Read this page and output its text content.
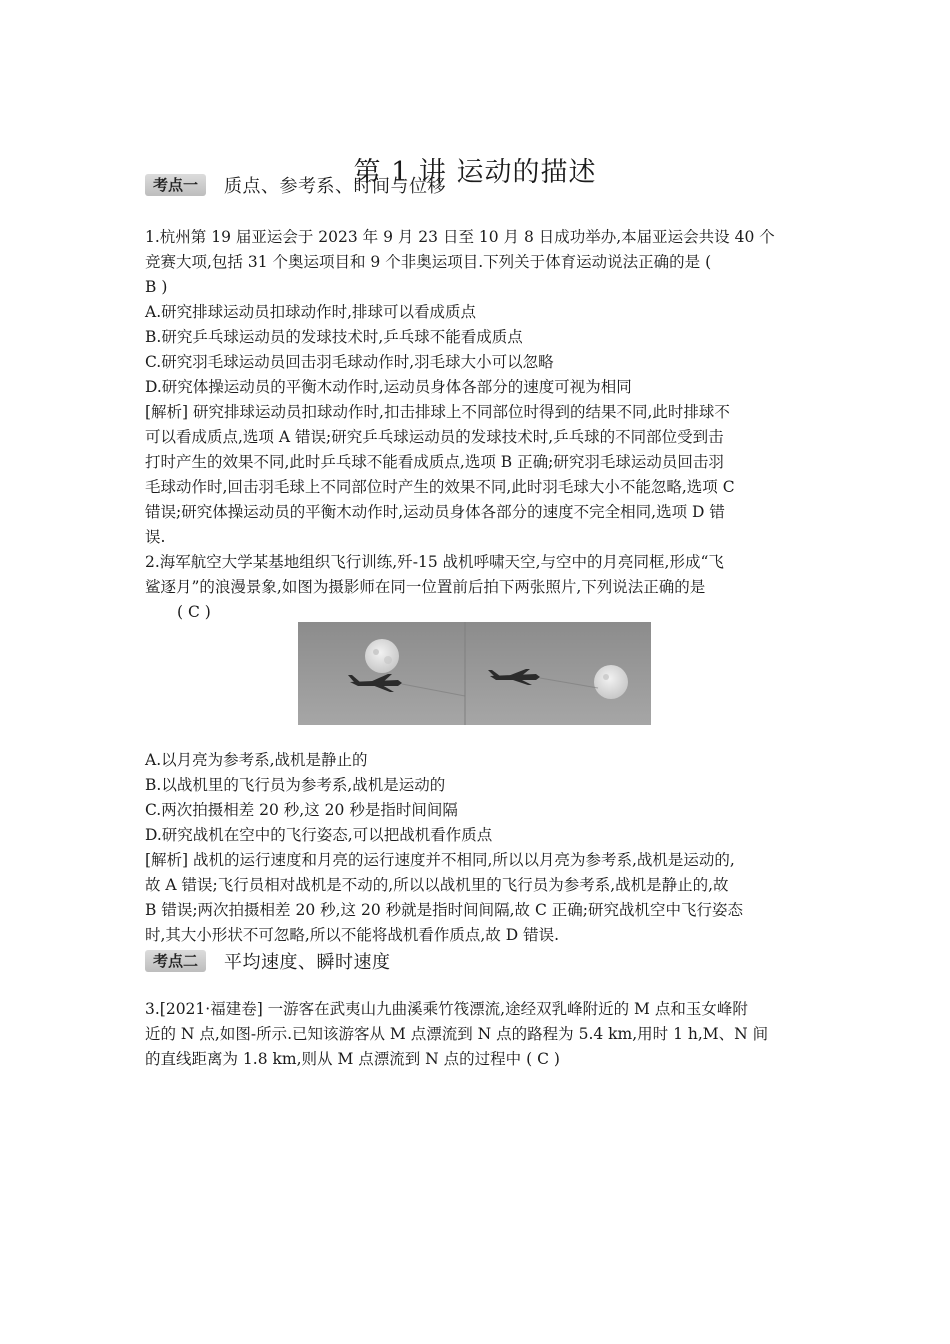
第 1 讲 运动的描述
考点一	质点、参考系、时间与位移
1.杭州第 19 届亚运会于 2023 年 9 月 23 日至 10 月 8 日成功举办,本届亚运会共设 40 个
竞赛大项,包括 31 个奥运项目和 9 个非奥运项目.下列关于体育运动说法正确的是 (
B )
A.研究排球运动员扣球动作时,排球可以看成质点
B.研究乒乓球运动员的发球技术时,乒乓球不能看成质点
C.研究羽毛球运动员回击羽毛球动作时,羽毛球大小可以忽略
D.研究体操运动员的平衡木动作时,运动员身体各部分的速度可视为相同
[解析] 研究排球运动员扣球动作时,扣击排球上不同部位时得到的结果不同,此时排球不
可以看成质点,选项 A 错误;研究乒乓球运动员的发球技术时,乒乓球的不同部位受到击
打时产生的效果不同,此时乒乓球不能看成质点,选项 B 正确;研究羽毛球运动员回击羽
毛球动作时,回击羽毛球上不同部位时产生的效果不同,此时羽毛球大小不能忽略,选项 C
错误;研究体操运动员的平衡木动作时,运动员身体各部分的速度不完全相同,选项 D 错
误.
2.海军航空大学某基地组织飞行训练,歼-15 战机呼啸天空,与空中的月亮同框,形成“飞
鲨逐月”的浪漫景象,如图为摄影师在同一位置前后拍下两张照片,下列说法正确的是
( C )
A.以月亮为参考系,战机是静止的
B.以战机里的飞行员为参考系,战机是运动的
C.两次拍摄相差 20 秒,这 20 秒是指时间间隔
D.研究战机在空中的飞行姿态,可以把战机看作质点
[解析] 战机的运行速度和月亮的运行速度并不相同,所以以月亮为参考系,战机是运动的,
故 A 错误;飞行员相对战机是不动的,所以以战机里的飞行员为参考系,战机是静止的,故
B 错误;两次拍摄相差 20 秒,这 20 秒就是指时间间隔,故 C 正确;研究战机空中飞行姿态
时,其大小形状不可忽略,所以不能将战机看作质点,故 D 错误.
考点二	平均速度、瞬时速度
3.[2021·福建卷] 一游客在武夷山九曲溪乘竹筏漂流,途经双乳峰附近的 M 点和玉女峰附
近的 N 点,如图-所示.已知该游客从 M 点漂流到 N 点的路程为 5.4 km,用时 1 h,M、N 间
的直线距离为 1.8 km,则从 M 点漂流到 N 点的过程中 ( C )
